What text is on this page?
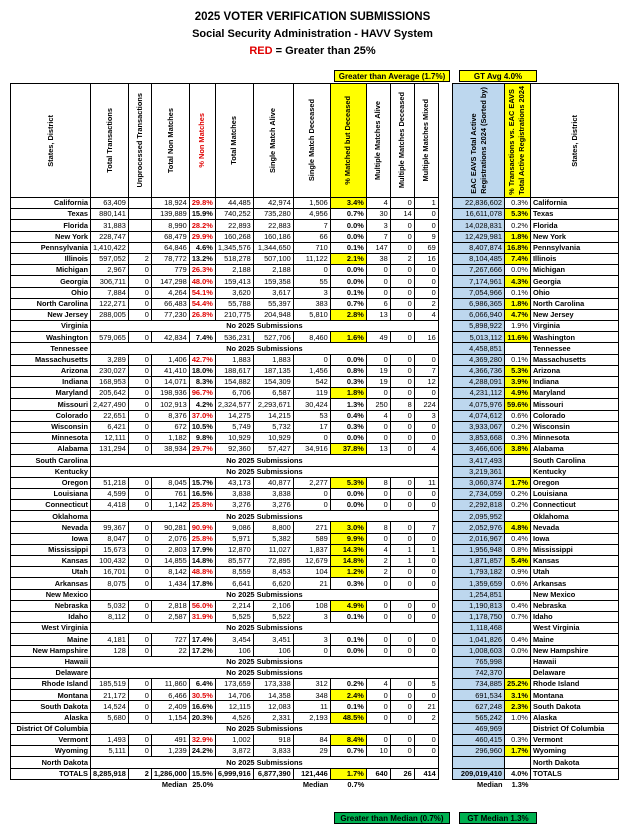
2025 VOTER VERIFICATION SUBMISSIONS
Social Security Administration - HAVV System
RED = Greater than 25%
Greater than Average (1.7%)	GT Avg 4.0%
States, District	Total Transactions	Unprocessed Transactions	Total Non Matches	% Non Matches	Total Matches	Single Match Alive	Single Match Deceased	% Matched but Deceased	Multiple Matches Alive	Multiple Matches Deceased	Multiple Matches Mixed

California	63,409		18,924	29.8%	44,485	42,974	1,506	3.4%	4	0	1
Texas	880,141		139,889	15.9%	740,252	735,280	4,956	0.7%	30	14	0
Florida	31,883		8,990	28.2%	22,893	22,883	7	0.0%	3	0	0
New York	228,747		68,479	29.9%	160,268	160,186	66	0.0%	7	0	9
Pennsylvania	1,410,422		64,846	4.6%	1,345,576	1,344,650	710	0.1%	147	0	69
Illinois	597,052	2	78,772	13.2%	518,278	507,100	11,122	2.1%	38	2	16
Michigan	2,967	0	779	26.3%	2,188	2,188	0	0.0%	0	0	0
Georgia	306,711	0	147,298	48.0%	159,413	159,358	55	0.0%	0	0	0
Ohio	7,884	0	4,264	54.1%	3,620	3,617	3	0.1%	0	0	0
North Carolina	122,271	0	66,483	54.4%	55,788	55,397	383	0.7%	6	0	2
New Jersey	288,005	0	77,230	26.8%	210,775	204,948	5,810	2.8%	13	0	4
Virginia	No 2025 Submissions										
Washington	579,065	0	42,834	7.4%	536,231	527,706	8,460	1.6%	49	0	16
Tennessee	No 2025 Submissions										
Massachusetts	3,289	0	1,406	42.7%	1,883	1,883	0	0.0%	0	0	0
Arizona	230,027	0	41,410	18.0%	188,617	187,135	1,456	0.8%	19	0	7
Indiana	168,953	0	14,071	8.3%	154,882	154,309	542	0.3%	19	0	12
Maryland	205,642	0	198,936	96.7%	6,706	6,587	119	1.8%	0	0	0
Missouri	2,427,490	0	102,913	4.2%	2,324,577	2,293,671	30,424	1.3%	250	8	224
Colorado	22,651	0	8,376	37.0%	14,275	14,215	53	0.4%	4	0	3
Wisconsin	6,421	0	672	10.5%	5,749	5,732	17	0.3%	0	0	0
Minnesota	12,111	0	1,182	9.8%	10,929	10,929	0	0.0%	0	0	0
Alabama	131,294	0	38,934	29.7%	92,360	57,427	34,916	37.8%	13	0	4
South Carolina	No 2025 Submissions										
Kentucky	No 2025 Submissions										
Oregon	51,218	0	8,045	15.7%	43,173	40,877	2,277	5.3%	8	0	11
Louisiana	4,599	0	761	16.5%	3,838	3,838	0	0.0%	0	0	0
Connecticut	4,418	0	1,142	25.8%	3,276	3,276	0	0.0%	0	0	0
Oklahoma	No 2025 Submissions										
Nevada	99,367	0	90,281	90.9%	9,086	8,800	271	3.0%	8	0	7
Iowa	8,047	0	2,076	25.8%	5,971	5,382	589	9.9%	0	0	0
Mississippi	15,673	0	2,803	17.9%	12,870	11,027	1,837	14.3%	4	1	1
Kansas	100,432	0	14,855	14.8%	85,577	72,895	12,679	14.8%	2	1	0
Utah	16,701	0	8,142	48.8%	8,559	8,453	104	1.2%	2	0	0
Arkansas	8,075	0	1,434	17.8%	6,641	6,620	21	0.3%	0	0	0
New Mexico	No 2025 Submissions										
Nebraska	5,032	0	2,818	56.0%	2,214	2,106	108	4.9%	0	0	0
Idaho	8,112	0	2,587	31.9%	5,525	5,522	3	0.1%	0	0	0
West Virginia	No 2025 Submissions										
Maine	4,181	0	727	17.4%	3,454	3,451	3	0.1%	0	0	0
New Hampshire	128	0	22	17.2%	106	106	0	0.0%	0	0	0
Hawaii	No 2025 Submissions										
Delaware	No 2025 Submissions										
Rhode Island	185,519	0	11,860	6.4%	173,659	173,338	312	0.2%	4	0	5
Montana	21,172	0	6,466	30.5%	14,706	14,358	348	2.4%	0	0	0
South Dakota	14,524	0	2,409	16.6%	12,115	12,083	11	0.1%	0	0	21
Alaska	5,680	0	1,154	20.3%	4,526	2,331	2,193	48.5%	0	0	2
District Of Columbia	No 2025 Submissions										
Vermont	1,493	0	491	32.9%	1,002	918	84	8.4%	0	0	0
Wyoming	5,111	0	1,239	24.2%	3,872	3,833	29	0.7%	10	0	0
North Dakota	No 2025 Submissions										
TOTALS	8,285,918	2	1,286,000	15.5%	6,999,916	6,877,390	121,446	1.7%	640	26	414
			Median	25.0%			Median	0.7%			
EAC EAVS Total Active
Registrations 2024 (Sorted by)	% Transactions vs. EAC EAVS
Total Active Registrations 2024	States, District

22,836,602	0.3%	California
16,611,078	5.3%	Texas
14,028,831	0.2%	Florida
12,429,981	1.8%	New York
8,407,874	16.8%	Pennsylvania
8,104,485	7.4%	Illinois
7,267,666	0.0%	Michigan
7,174,961	4.3%	Georgia
7,054,966	0.1%	Ohio
6,986,365	1.8%	North Carolina
6,066,940	4.7%	New Jersey
5,898,922	1.9%	Virginia
5,013,112	11.6%	Washington
4,458,851		Tennessee
4,369,280	0.1%	Massachusetts
4,366,736	5.3%	Arizona
4,288,091	3.9%	Indiana
4,231,112	4.9%	Maryland
4,075,976	59.6%	Missouri
4,074,612	0.6%	Colorado
3,933,067	0.2%	Wisconsin
3,853,668	0.3%	Minnesota
3,466,606	3.8%	Alabama
3,417,493		South Carolina
3,219,361		Kentucky
3,060,374	1.7%	Oregon
2,734,059	0.2%	Louisiana
2,292,818	0.2%	Connecticut
2,095,952		Oklahoma
2,052,976	4.8%	Nevada
2,016,967	0.4%	Iowa
1,956,948	0.8%	Mississippi
1,871,857	5.4%	Kansas
1,793,182	0.9%	Utah
1,359,659	0.6%	Arkansas
1,254,851		New Mexico
1,190,813	0.4%	Nebraska
1,178,750	0.7%	Idaho
1,118,468		West Virginia
1,041,826	0.4%	Maine
1,008,603	0.0%	New Hampshire
765,998		Hawaii
742,370		Delaware
734,885	25.2%	Rhode Island
691,534	3.1%	Montana
627,248	2.3%	South Dakota
565,242	1.0%	Alaska
469,969		District Of Columbia
460,415	0.3%	Vermont
296,960	1.7%	Wyoming
		North Dakota
209,019,410	4.0%	TOTALS
Median	1.3%	
Greater than Median (0.7%)	GT Median 1.3%
